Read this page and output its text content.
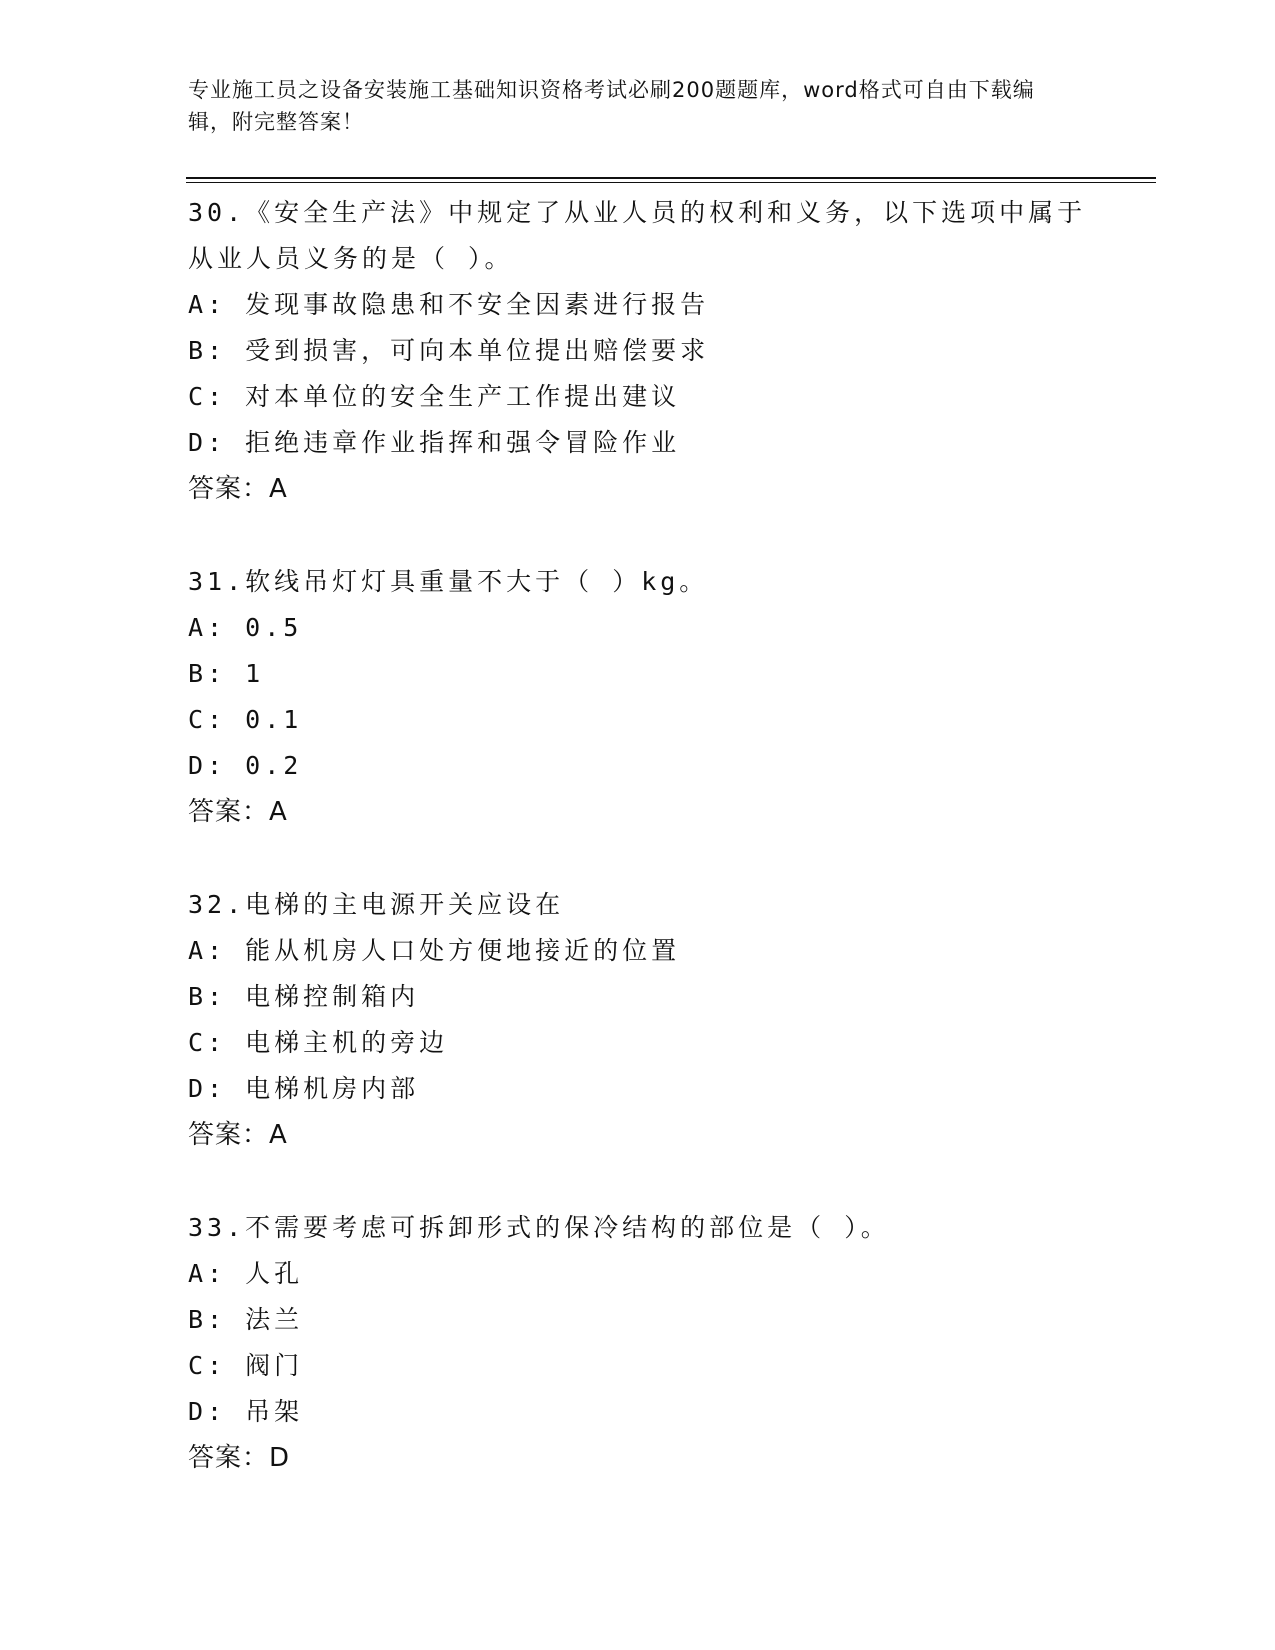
专业施工员之设备安装施工基础知识资格考试必刷200题题库，word格式可自由下载编辑，附完整答案！

30.《安全生产法》中规定了从业人员的权利和义务，以下选项中属于从业人员义务的是（ ）。

A: 发现事故隐患和不安全因素进行报告
B: 受到损害，可向本单位提出赔偿要求
C: 对本单位的安全生产工作提出建议
D: 拒绝违章作业指挥和强令冒险作业

答案：A

31.软线吊灯灯具重量不大于（ ）kg。

A: 0.5
B: 1
C: 0.1
D: 0.2

答案：A

32.电梯的主电源开关应设在

A: 能从机房人口处方便地接近的位置
B: 电梯控制箱内
C: 电梯主机的旁边
D: 电梯机房内部

答案：A

33.不需要考虑可拆卸形式的保冷结构的部位是（ ）。

A: 人孔
B: 法兰
C: 阀门
D: 吊架

答案：D
